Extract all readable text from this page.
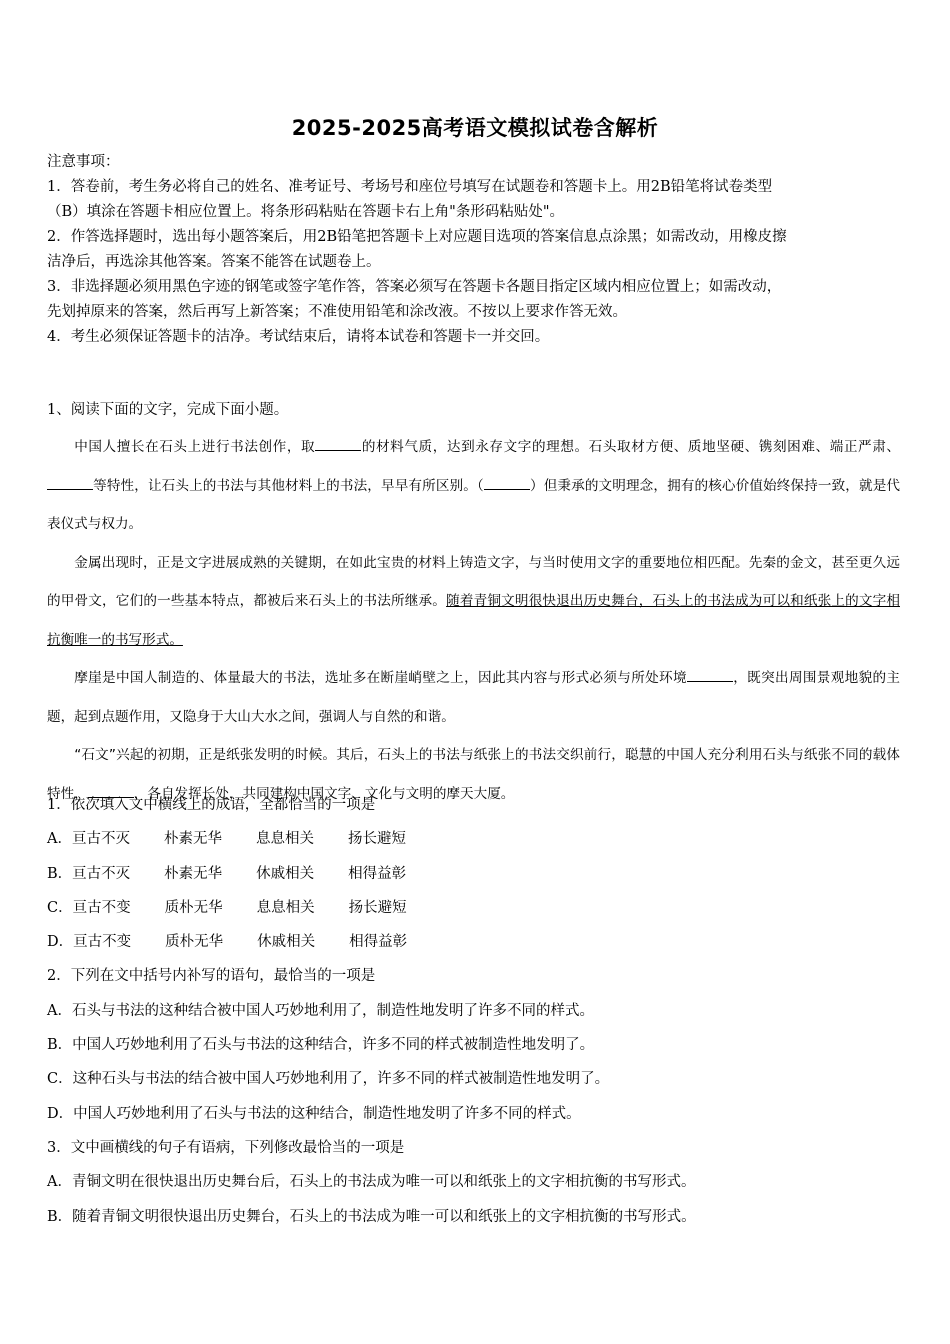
2025-2025高考语文模拟试卷含解析

注意事项：

1．答卷前，考生务必将自己的姓名、准考证号、考场号和座位号填写在试题卷和答题卡上。用2B铅笔将试卷类型

（B）填涂在答题卡相应位置上。将条形码粘贴在答题卡右上角"条形码粘贴处"。

2．作答选择题时，选出每小题答案后，用2B铅笔把答题卡上对应题目选项的答案信息点涂黑；如需改动，用橡皮擦

洁净后，再选涂其他答案。答案不能答在试题卷上。

3．非选择题必须用黑色字迹的钢笔或签字笔作答，答案必须写在答题卡各题目指定区域内相应位置上；如需改动，

先划掉原来的答案，然后再写上新答案；不准使用铅笔和涂改液。不按以上要求作答无效。

4．考生必须保证答题卡的洁净。考试结束后，请将本试卷和答题卡一并交回。

1、阅读下面的文字，完成下面小题。

中国人擅长在石头上进行书法创作，取	的材料气质，达到永存文字的理想。石头取材方便、质地坚硬、镌刻困难、端正严肃、等特性，让石头上的书法与其他材料上的书法，早早有所区别。（	）但秉承的文明理念，拥有的核心价值始终保持一致，就是代表仪式与权力。

金属出现时，正是文字进展成熟的关键期，在如此宝贵的材料上铸造文字，与当时使用文字的重要地位相匹配。先秦的金文，甚至更久远的甲骨文，它们的一些基本特点，都被后来石头上的书法所继承。随着青铜文明很快退出历史舞台，石头上的书法成为可以和纸张上的文字相抗衡唯一的书写形式。

摩崖是中国人制造的、体量最大的书法，选址多在断崖峭壁之上，因此其内容与形式必须与所处环境	，既突出周围景观地貌的主题，起到点题作用，又隐身于大山大水之间，强调人与自然的和谐。

“石文”兴起的初期，正是纸张发明的时候。其后，石头上的书法与纸张上的书法交织前行，聪慧的中国人充分利用石头与纸张不同的载体特性，	，各自发挥长处，共同建构中国文字、文化与文明的摩天大厦。

1．依次填入文中横线上的成语，全都恰当的一项是

A．亘古不灭 朴素无华 息息相关 扬长避短

B．亘古不灭 朴素无华 休戚相关 相得益彰

C．亘古不变 质朴无华 息息相关 扬长避短

D．亘古不变 质朴无华 休戚相关 相得益彰

2．下列在文中括号内补写的语句，最恰当的一项是

A．石头与书法的这种结合被中国人巧妙地利用了，制造性地发明了许多不同的样式。

B．中国人巧妙地利用了石头与书法的这种结合，许多不同的样式被制造性地发明了。

C．这种石头与书法的结合被中国人巧妙地利用了，许多不同的样式被制造性地发明了。

D．中国人巧妙地利用了石头与书法的这种结合，制造性地发明了许多不同的样式。

3．文中画横线的句子有语病，下列修改最恰当的一项是

A．青铜文明在很快退出历史舞台后，石头上的书法成为唯一可以和纸张上的文字相抗衡的书写形式。

B．随着青铜文明很快退出历史舞台，石头上的书法成为唯一可以和纸张上的文字相抗衡的书写形式。
